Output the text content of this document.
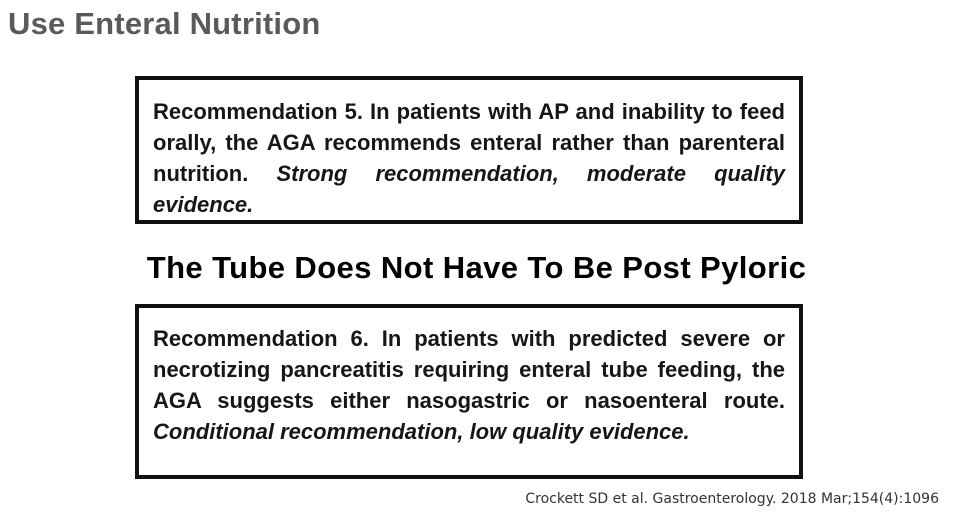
Use Enteral Nutrition

Recommendation 5. In patients with AP and inability to feed orally, the AGA recommends enteral rather than parenteral nutrition. Strong recommendation, moderate quality evidence.

The Tube Does Not Have To Be Post Pyloric

Recommendation 6. In patients with predicted severe or necrotizing pancreatitis requiring enteral tube feeding, the AGA suggests either nasogastric or nasoenteral route. Conditional recommendation, low quality evidence.

Crockett SD et al. Gastroenterology. 2018 Mar;154(4):1096
